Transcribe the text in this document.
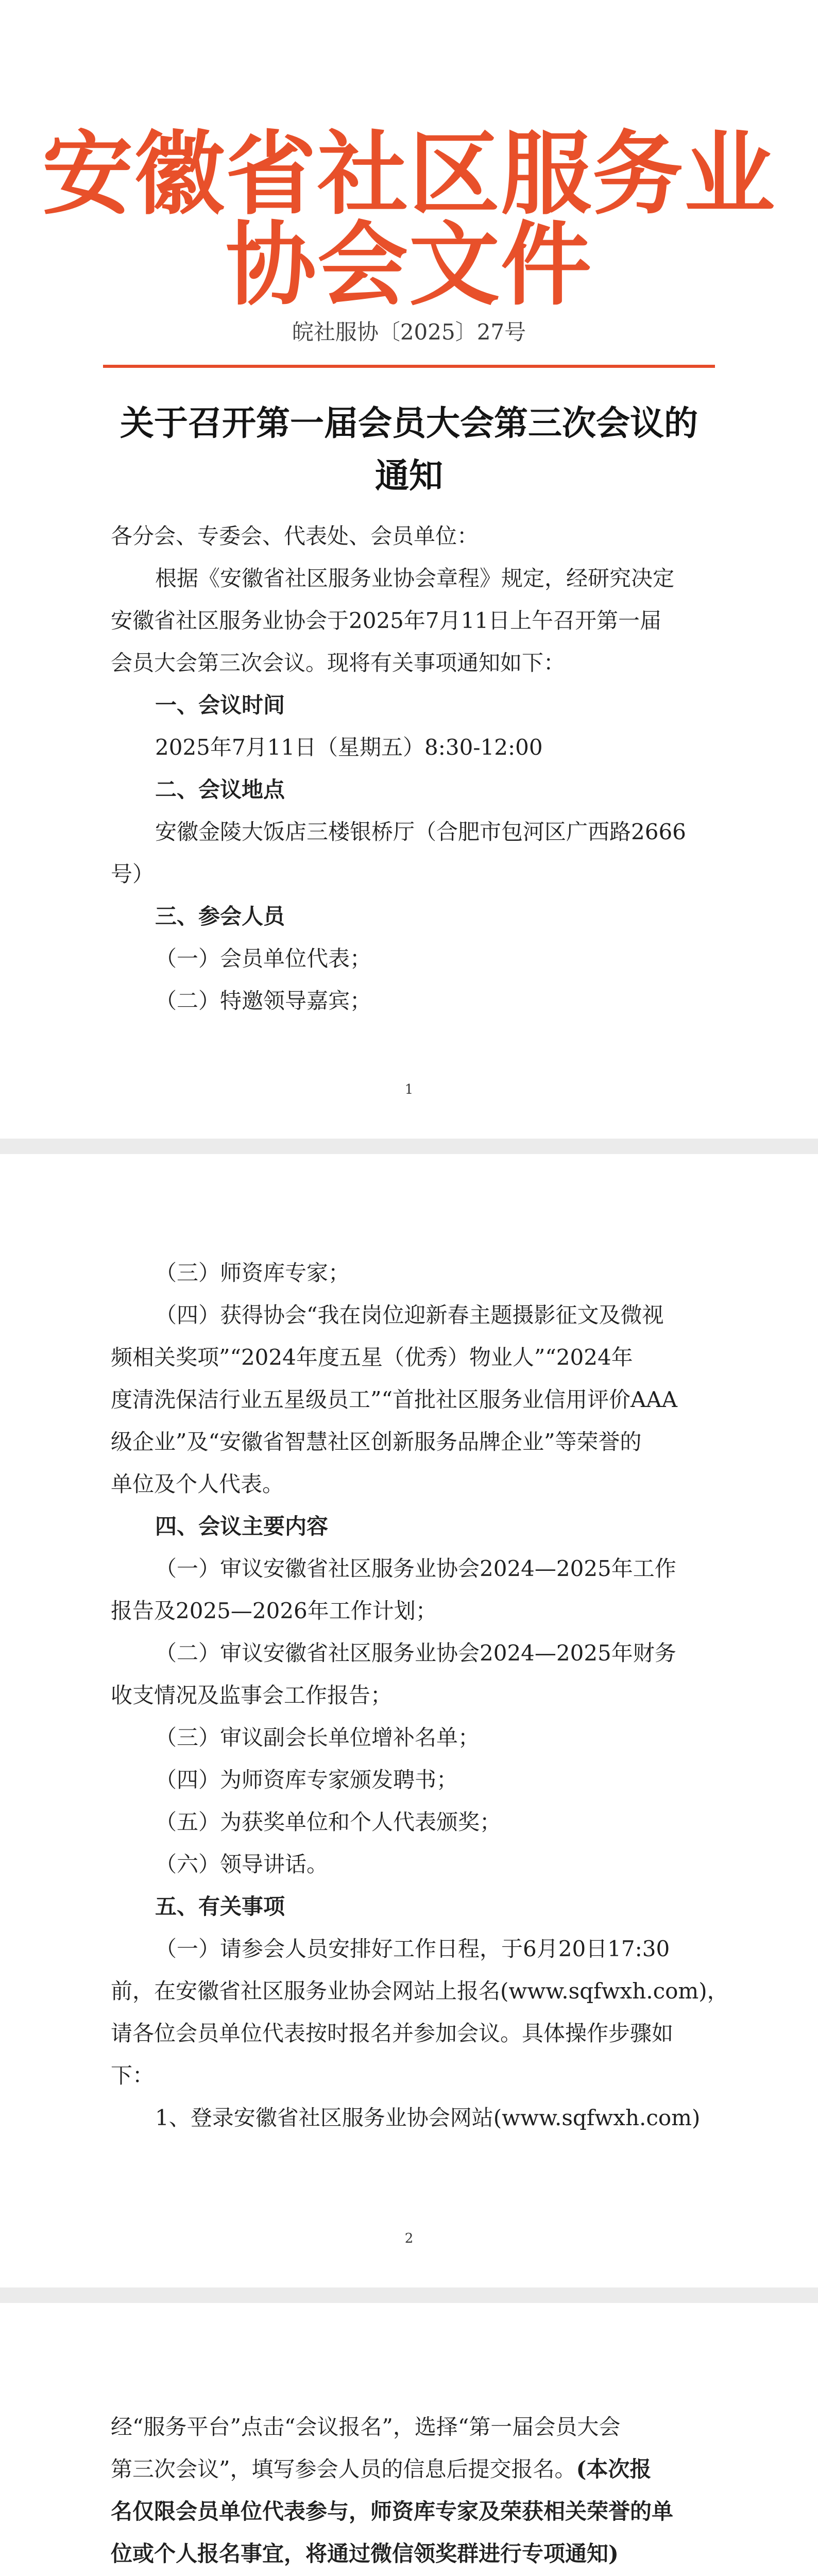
安徽省社区服务业协会文件
皖社服协〔2025〕27号
关于召开第一届会员大会第三次会议的
通知
各分会、专委会、代表处、会员单位：
根据《安徽省社区服务业协会章程》规定，经研究决定
安徽省社区服务业协会于2025年7月11日上午召开第一届
会员大会第三次会议。现将有关事项通知如下：
一、会议时间
2025年7月11日（星期五）8:30-12:00
二、会议地点
安徽金陵大饭店三楼银桥厅（合肥市包河区广西路2666
号）
三、参会人员
（一）会员单位代表；
（二）特邀领导嘉宾；
1
（三）师资库专家；
（四）获得协会“我在岗位迎新春主题摄影征文及微视
频相关奖项”“2024年度五星（优秀）物业人”“2024年
度清洗保洁行业五星级员工”“首批社区服务业信用评价AAA
级企业”及“安徽省智慧社区创新服务品牌企业”等荣誉的
单位及个人代表。
四、会议主要内容
（一）审议安徽省社区服务业协会2024—2025年工作
报告及2025—2026年工作计划；
（二）审议安徽省社区服务业协会2024—2025年财务
收支情况及监事会工作报告；
（三）审议副会长单位增补名单；
（四）为师资库专家颁发聘书；
（五）为获奖单位和个人代表颁奖；
（六）领导讲话。
五、有关事项
（一）请参会人员安排好工作日程，于6月20日17:30
前，在安徽省社区服务业协会网站上报名(www.sqfwxh.com)，
请各位会员单位代表按时报名并参加会议。具体操作步骤如
下：
1、登录安徽省社区服务业协会网站(www.sqfwxh.com)
2
经“服务平台”点击“会议报名”，选择“第一届会员大会
第三次会议”，填写参会人员的信息后提交报名。(本次报
名仅限会员单位代表参与，师资库专家及荣获相关荣誉的单
位或个人报名事宜，将通过微信领奖群进行专项通知)
